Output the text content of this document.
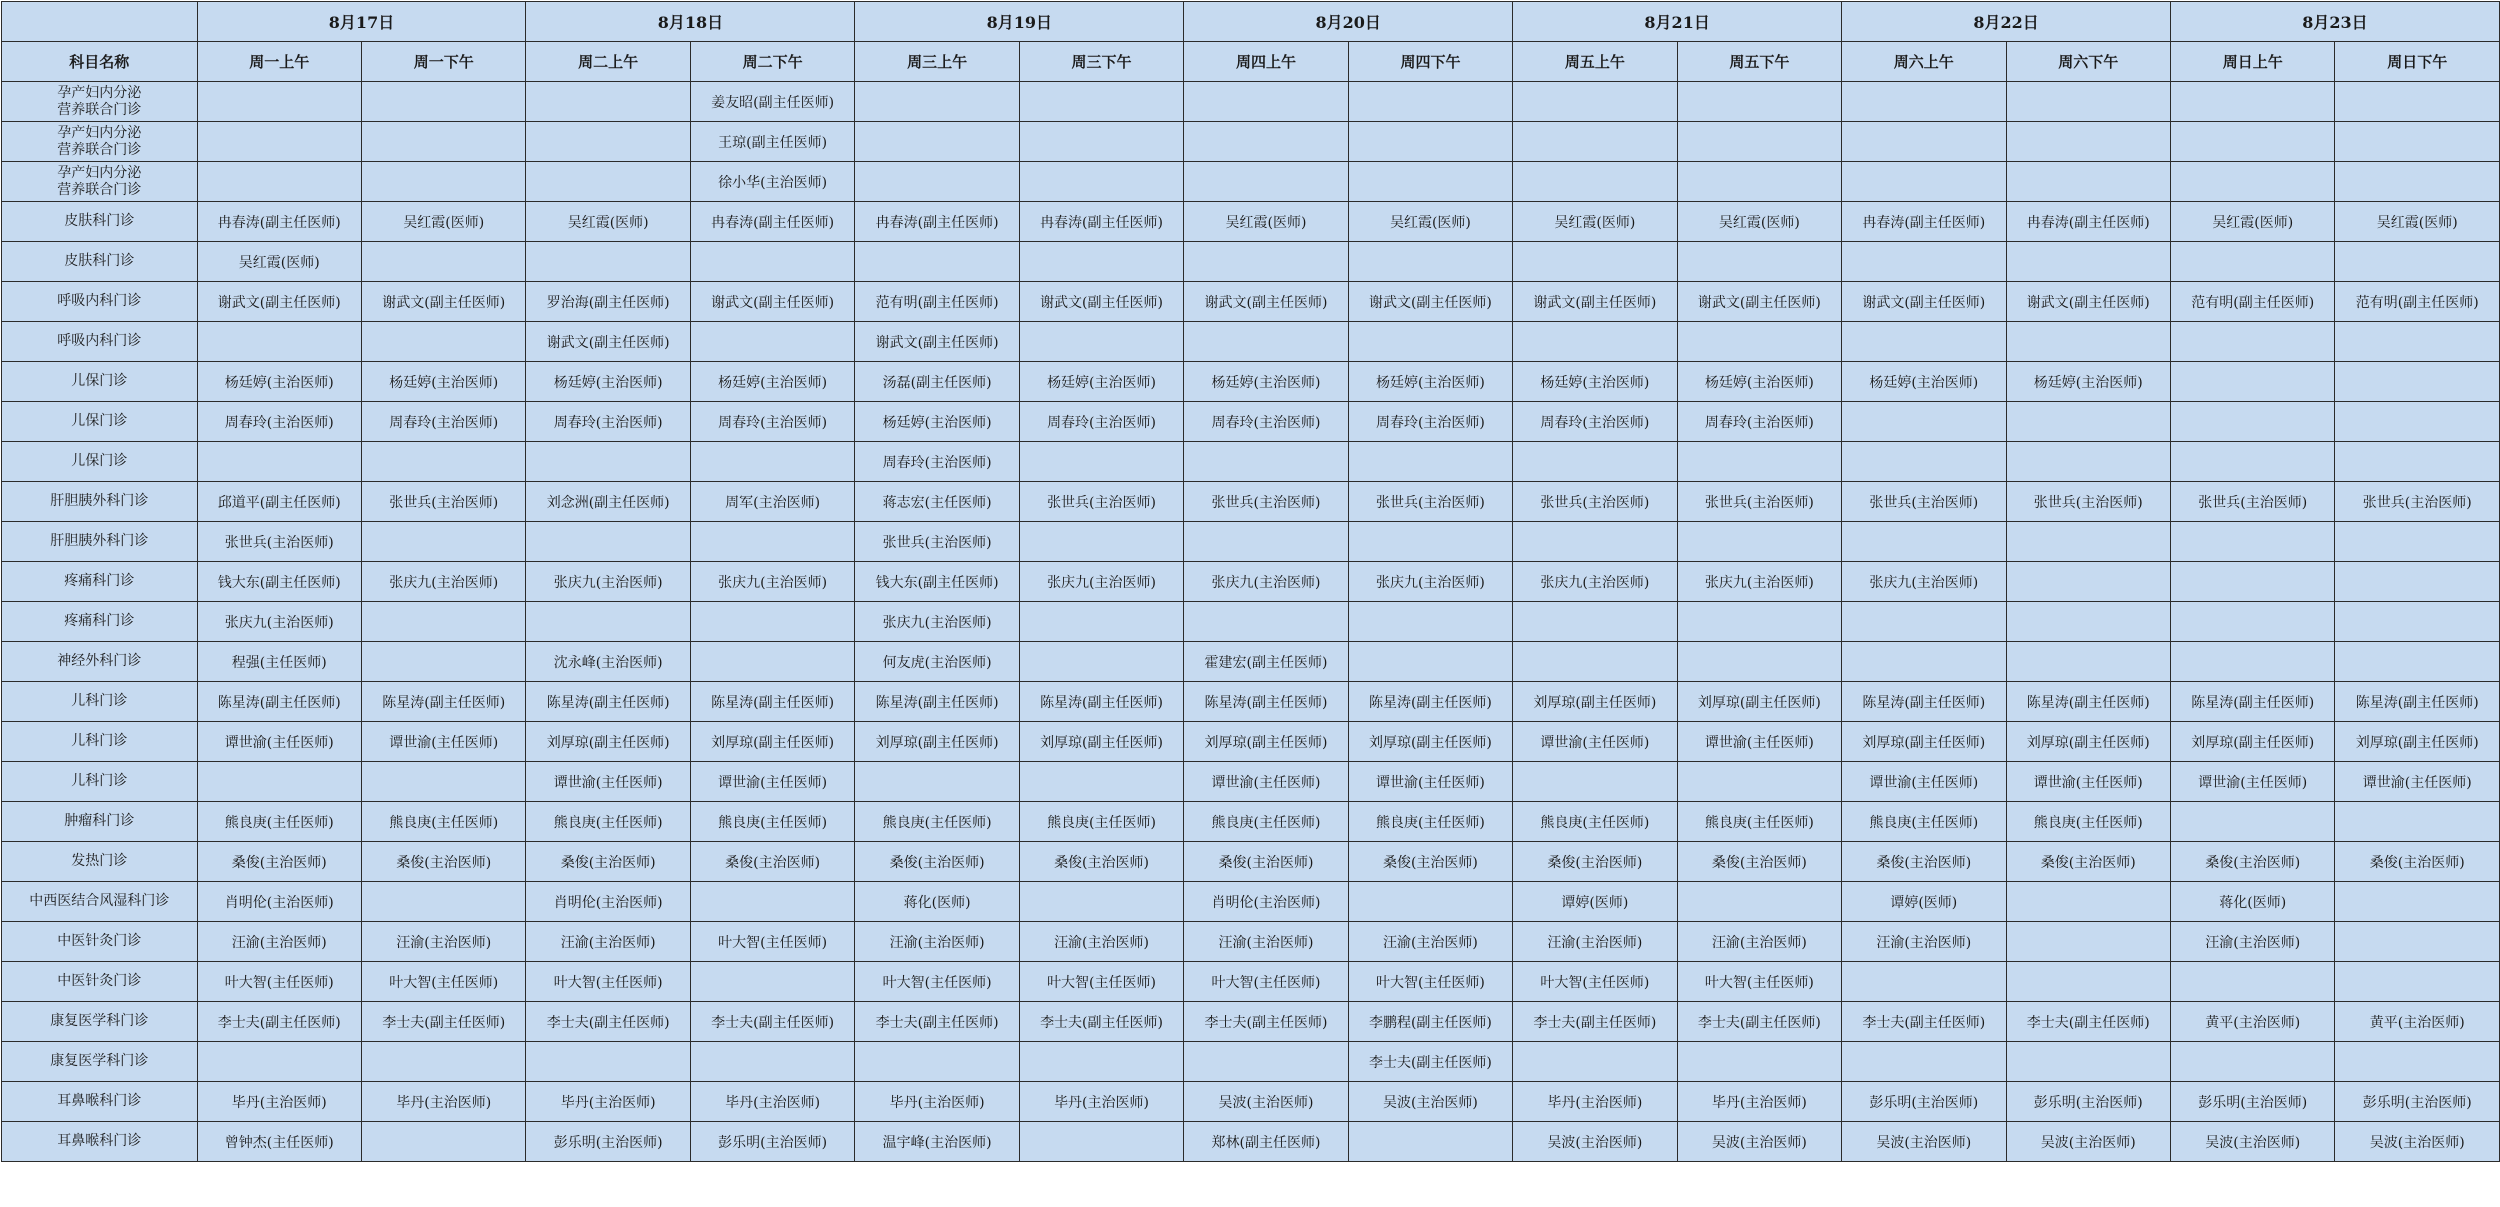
	8月17日		8月18日		8月19日		8月20日		8月21日		8月22日		8月23日	
科目名称	周一上午	周一下午	周二上午	周二下午	周三上午	周三下午	周四上午	周四下午	周五上午	周五下午	周六上午	周六下午	周日上午	周日下午
孕产妇内分泌
营养联合门诊				姜友昭(副主任医师)										
孕产妇内分泌
营养联合门诊				王琼(副主任医师)										
孕产妇内分泌
营养联合门诊				徐小华(主治医师)										
皮肤科门诊	冉春涛(副主任医师)	吴红霞(医师)	吴红霞(医师)	冉春涛(副主任医师)	冉春涛(副主任医师)	冉春涛(副主任医师)	吴红霞(医师)	吴红霞(医师)	吴红霞(医师)	吴红霞(医师)	冉春涛(副主任医师)	冉春涛(副主任医师)	吴红霞(医师)	吴红霞(医师)
皮肤科门诊	吴红霞(医师)													
呼吸内科门诊	谢武文(副主任医师)	谢武文(副主任医师)	罗治海(副主任医师)	谢武文(副主任医师)	范有明(副主任医师)	谢武文(副主任医师)	谢武文(副主任医师)	谢武文(副主任医师)	谢武文(副主任医师)	谢武文(副主任医师)	谢武文(副主任医师)	谢武文(副主任医师)	范有明(副主任医师)	范有明(副主任医师)
呼吸内科门诊			谢武文(副主任医师)		谢武文(副主任医师)									
儿保门诊	杨廷婷(主治医师)	杨廷婷(主治医师)	杨廷婷(主治医师)	杨廷婷(主治医师)	汤磊(副主任医师)	杨廷婷(主治医师)	杨廷婷(主治医师)	杨廷婷(主治医师)	杨廷婷(主治医师)	杨廷婷(主治医师)	杨廷婷(主治医师)	杨廷婷(主治医师)		
儿保门诊	周春玲(主治医师)	周春玲(主治医师)	周春玲(主治医师)	周春玲(主治医师)	杨廷婷(主治医师)	周春玲(主治医师)	周春玲(主治医师)	周春玲(主治医师)	周春玲(主治医师)	周春玲(主治医师)				
儿保门诊					周春玲(主治医师)									
肝胆胰外科门诊	邱道平(副主任医师)	张世兵(主治医师)	刘念洲(副主任医师)	周军(主治医师)	蒋志宏(主任医师)	张世兵(主治医师)	张世兵(主治医师)	张世兵(主治医师)	张世兵(主治医师)	张世兵(主治医师)	张世兵(主治医师)	张世兵(主治医师)	张世兵(主治医师)	张世兵(主治医师)
肝胆胰外科门诊	张世兵(主治医师)				张世兵(主治医师)									
疼痛科门诊	钱大东(副主任医师)	张庆九(主治医师)	张庆九(主治医师)	张庆九(主治医师)	钱大东(副主任医师)	张庆九(主治医师)	张庆九(主治医师)	张庆九(主治医师)	张庆九(主治医师)	张庆九(主治医师)	张庆九(主治医师)			
疼痛科门诊	张庆九(主治医师)				张庆九(主治医师)									
神经外科门诊	程强(主任医师)		沈永峰(主治医师)		何友虎(主治医师)		霍建宏(副主任医师)							
儿科门诊	陈星涛(副主任医师)	陈星涛(副主任医师)	陈星涛(副主任医师)	陈星涛(副主任医师)	陈星涛(副主任医师)	陈星涛(副主任医师)	陈星涛(副主任医师)	陈星涛(副主任医师)	刘厚琼(副主任医师)	刘厚琼(副主任医师)	陈星涛(副主任医师)	陈星涛(副主任医师)	陈星涛(副主任医师)	陈星涛(副主任医师)
儿科门诊	谭世渝(主任医师)	谭世渝(主任医师)	刘厚琼(副主任医师)	刘厚琼(副主任医师)	刘厚琼(副主任医师)	刘厚琼(副主任医师)	刘厚琼(副主任医师)	刘厚琼(副主任医师)	谭世渝(主任医师)	谭世渝(主任医师)	刘厚琼(副主任医师)	刘厚琼(副主任医师)	刘厚琼(副主任医师)	刘厚琼(副主任医师)
儿科门诊			谭世渝(主任医师)	谭世渝(主任医师)			谭世渝(主任医师)	谭世渝(主任医师)			谭世渝(主任医师)	谭世渝(主任医师)	谭世渝(主任医师)	谭世渝(主任医师)
肿瘤科门诊	熊良庚(主任医师)	熊良庚(主任医师)	熊良庚(主任医师)	熊良庚(主任医师)	熊良庚(主任医师)	熊良庚(主任医师)	熊良庚(主任医师)	熊良庚(主任医师)	熊良庚(主任医师)	熊良庚(主任医师)	熊良庚(主任医师)	熊良庚(主任医师)		
发热门诊	桑俊(主治医师)	桑俊(主治医师)	桑俊(主治医师)	桑俊(主治医师)	桑俊(主治医师)	桑俊(主治医师)	桑俊(主治医师)	桑俊(主治医师)	桑俊(主治医师)	桑俊(主治医师)	桑俊(主治医师)	桑俊(主治医师)	桑俊(主治医师)	桑俊(主治医师)
中西医结合风湿科门诊	肖明伦(主治医师)		肖明伦(主治医师)		蒋化(医师)		肖明伦(主治医师)		谭婷(医师)		谭婷(医师)		蒋化(医师)	
中医针灸门诊	汪渝(主治医师)	汪渝(主治医师)	汪渝(主治医师)	叶大智(主任医师)	汪渝(主治医师)	汪渝(主治医师)	汪渝(主治医师)	汪渝(主治医师)	汪渝(主治医师)	汪渝(主治医师)	汪渝(主治医师)		汪渝(主治医师)	
中医针灸门诊	叶大智(主任医师)	叶大智(主任医师)	叶大智(主任医师)		叶大智(主任医师)	叶大智(主任医师)	叶大智(主任医师)	叶大智(主任医师)	叶大智(主任医师)	叶大智(主任医师)				
康复医学科门诊	李士夫(副主任医师)	李士夫(副主任医师)	李士夫(副主任医师)	李士夫(副主任医师)	李士夫(副主任医师)	李士夫(副主任医师)	李士夫(副主任医师)	李鹏程(副主任医师)	李士夫(副主任医师)	李士夫(副主任医师)	李士夫(副主任医师)	李士夫(副主任医师)	黄平(主治医师)	黄平(主治医师)
康复医学科门诊								李士夫(副主任医师)						
耳鼻喉科门诊	毕丹(主治医师)	毕丹(主治医师)	毕丹(主治医师)	毕丹(主治医师)	毕丹(主治医师)	毕丹(主治医师)	吴波(主治医师)	吴波(主治医师)	毕丹(主治医师)	毕丹(主治医师)	彭乐明(主治医师)	彭乐明(主治医师)	彭乐明(主治医师)	彭乐明(主治医师)
耳鼻喉科门诊	曾钟杰(主任医师)		彭乐明(主治医师)	彭乐明(主治医师)	温宇峰(主治医师)		郑林(副主任医师)		吴波(主治医师)	吴波(主治医师)	吴波(主治医师)	吴波(主治医师)	吴波(主治医师)	吴波(主治医师)
